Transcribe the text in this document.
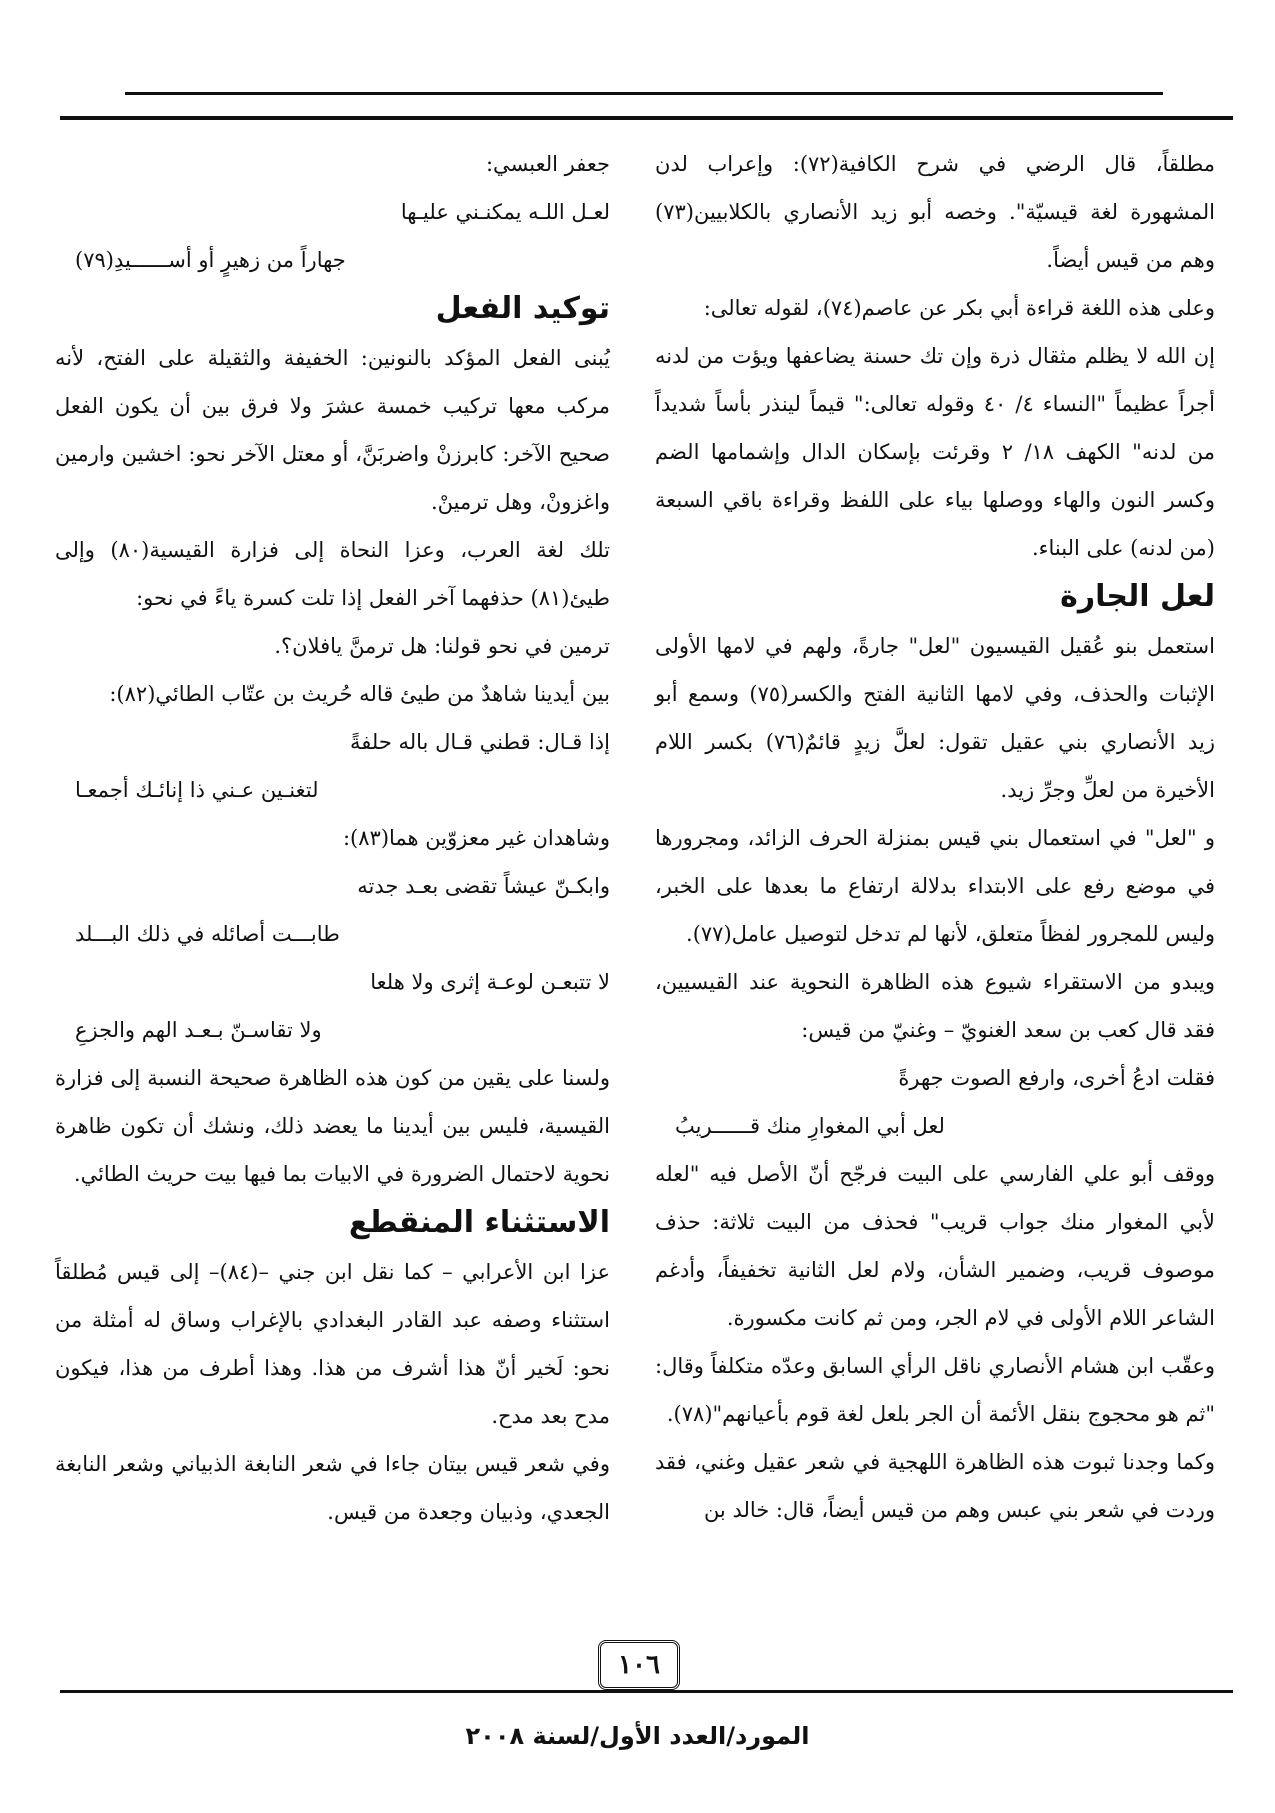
مطلقاً، قال الرضي في شرح الكافية(٧٢): وإعراب لدن المشهورة لغة قيسيّة". وخصه أبو زيد الأنصاري بالكلابيين(٧٣) وهم من قيس أيضاً.

وعلى هذه اللغة قراءة أبي بكر عن عاصم(٧٤)، لقوله تعالى:

إن الله لا يظلم مثقال ذرة وإن تك حسنة يضاعفها ويؤت من لدنه أجراً عظيماً "النساء ٤/ ٤٠ وقوله تعالى:" قيماً لينذر بأساً شديداً من لدنه" الكهف ١٨/ ٢ وقرئت بإسكان الدال وإشمامها الضم وكسر النون والهاء ووصلها بياء على اللفظ وقراءة باقي السبعة (من لدنه) على البناء.

لعل الجارة

استعمل بنو عُقيل القيسيون "لعل" جارةً، ولهم في لامها الأولى الإثبات والحذف، وفي لامها الثانية الفتح والكسر(٧٥) وسمع أبو زيد الأنصاري بني عقيل تقول: لعلَّ زيدٍ قائمٌ(٧٦) بكسر اللام الأخيرة من لعلِّ وجرِّ زيد.

و "لعل" في استعمال بني قيس بمنزلة الحرف الزائد، ومجرورها في موضع رفع على الابتداء بدلالة ارتفاع ما بعدها على الخبر، وليس للمجرور لفظاً متعلق، لأنها لم تدخل لتوصيل عامل(٧٧).

ويبدو من الاستقراء شيوع هذه الظاهرة النحوية عند القيسيين، فقد قال كعب بن سعد الغنويّ – وغنيّ من قيس:

فقلت ادعُ أخرى، وارفع الصوت جهرةً

لعل أبي المغوارِ منك قــــــريبُ

ووقف أبو علي الفارسي على البيت فرجّح أنّ الأصل فيه "لعله لأبي المغوار منك جواب قريب" فحذف من البيت ثلاثة: حذف موصوف قريب، وضمير الشأن، ولام لعل الثانية تخفيفاً، وأدغم الشاعر اللام الأولى في لام الجر، ومن ثم كانت مكسورة.

وعقّب ابن هشام الأنصاري ناقل الرأي السابق وعدّه متكلفاً وقال: "ثم هو محجوج بنقل الأئمة أن الجر بلعل لغة قوم بأعيانهم"(٧٨).

وكما وجدنا ثبوت هذه الظاهرة اللهجية في شعر عقيل وغني، فقد وردت في شعر بني عبس وهم من قيس أيضاً، قال: خالد بن

جعفر العبسي:

لعـل اللـه يمكنـني عليـها

جهاراً من زهيرٍ أو أســــــيدِ(٧٩)

توكيد الفعل

يُبنى الفعل المؤكد بالنونين: الخفيفة والثقيلة على الفتح، لأنه مركب معها تركيب خمسة عشرَ ولا فرق بين أن يكون الفعل صحيح الآخر: كابرزنْ واضربَنَّ، أو معتل الآخر نحو: اخشين وارمين واغزونْ، وهل ترمينْ.

تلك لغة العرب، وعزا النحاة إلى فزارة القيسية(٨٠) وإلى طيئ(٨١) حذفهما آخر الفعل إذا تلت كسرة ياءً في نحو:

ترمين في نحو قولنا: هل ترمنَّ يافلان؟.

بين أيدينا شاهدٌ من طيئ قاله حُريث بن عتّاب الطائي(٨٢):

إذا قـال: قطني قـال باله حلفةً

لتغنـين عـني ذا إنائـك أجمعـا

وشاهدان غير معزوّين هما(٨٣):

وابكـنّ عيشاً تقضى بعـد جدته

طابـــت أصائله في ذلك البـــلد

لا تتبعـن لوعـة إثرى ولا هلعا

ولا تقاسـنّ بـعـد الهم والجزعِ

ولسنا على يقين من كون هذه الظاهرة صحيحة النسبة إلى فزارة القيسية، فليس بين أيدينا ما يعضد ذلك، ونشك أن تكون ظاهرة نحوية لاحتمال الضرورة في الابيات بما فيها بيت حريث الطائي.

الاستثناء المنقطع

عزا ابن الأعرابي – كما نقل ابن جني –(٨٤)– إلى قيس مُطلقاً استثناء وصفه عبد القادر البغدادي بالإغراب وساق له أمثلة من نحو: لَخير أنّ هذا أشرف من هذا. وهذا أطرف من هذا، فيكون مدح بعد مدح.

وفي شعر قيس بيتان جاءا في شعر النابغة الذبياني وشعر النابغة الجعدي، وذبيان وجعدة من قيس.

١٠٦
المورد/العدد الأول/لسنة ٢٠٠٨
